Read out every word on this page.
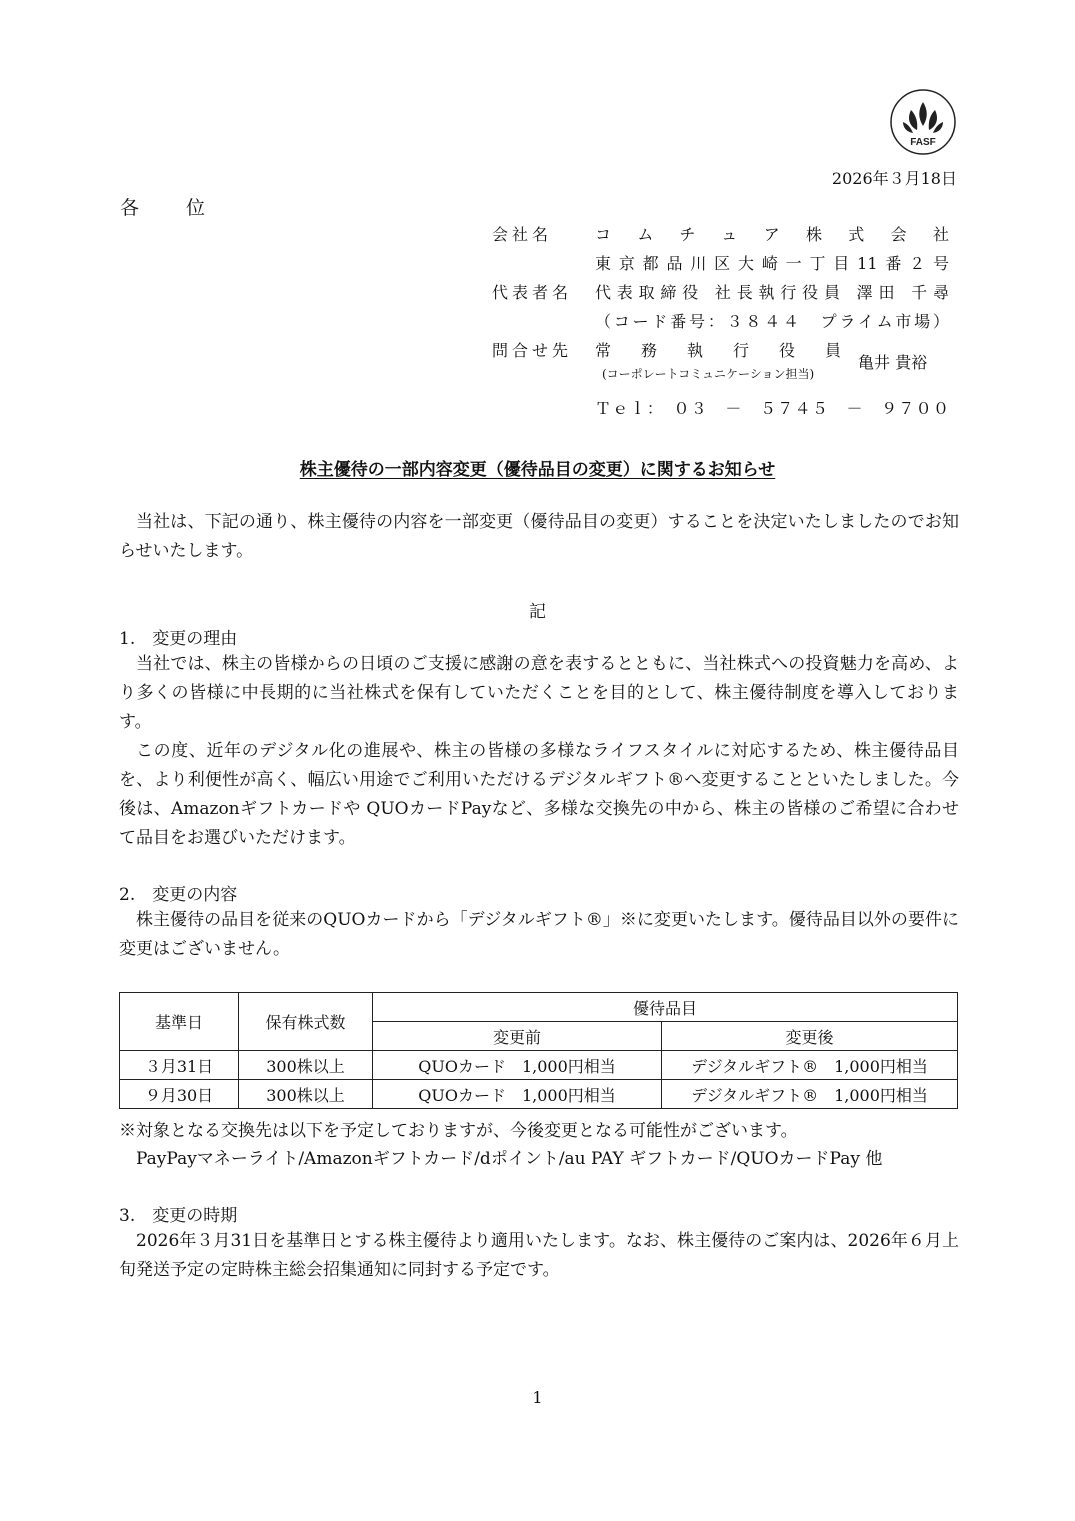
FASF
2026年３月18日
各　位
会社名	コムチュア株式会社
東京都品川区大崎一丁目11番２号
代表者名 代表取締役 社長執行役員 澤田 千尋
（コード番号：３８４４　プライム市場）
問合せ先 常務執行役員
(コーポレートコミュニケーション担当)
亀井 貴裕
Ｔｅｌ：　０３　－　５７４５　－　９７００
株主優待の一部内容変更（優待品目の変更）に関するお知らせ

当社は、下記の通り、株主優待の内容を一部変更（優待品目の変更）することを決定いたしましたのでお知らせいたします。

記
1.　変更の理由

当社では、株主の皆様からの日頃のご支援に感謝の意を表するとともに、当社株式への投資魅力を高め、より多くの皆様に中長期的に当社株式を保有していただくことを目的として、株主優待制度を導入しております。

この度、近年のデジタル化の進展や、株主の皆様の多様なライフスタイルに対応するため、株主優待品目を、より利便性が高く、幅広い用途でご利用いただけるデジタルギフト®へ変更することといたしました。今後は、Amazonギフトカードや QUOカードPayなど、多様な交換先の中から、株主の皆様のご希望に合わせて品目をお選びいただけます。

2.　変更の内容

株主優待の品目を従来のQUOカードから「デジタルギフト®」※に変更いたします。優待品目以外の要件に変更はございません。

基準日	保有株式数	優待品目	
		変更前	変更後
３月31日	300株以上	QUOカード　1,000円相当	デジタルギフト®　1,000円相当
９月30日	300株以上	QUOカード　1,000円相当	デジタルギフト®　1,000円相当
※対象となる交換先は以下を予定しておりますが、今後変更となる可能性がございます。
PayPayマネーライト/Amazonギフトカード/dポイント/au PAY ギフトカード/QUOカードPay 他
3.　変更の時期

2026年３月31日を基準日とする株主優待より適用いたします。なお、株主優待のご案内は、2026年６月上旬発送予定の定時株主総会招集通知に同封する予定です。

1
